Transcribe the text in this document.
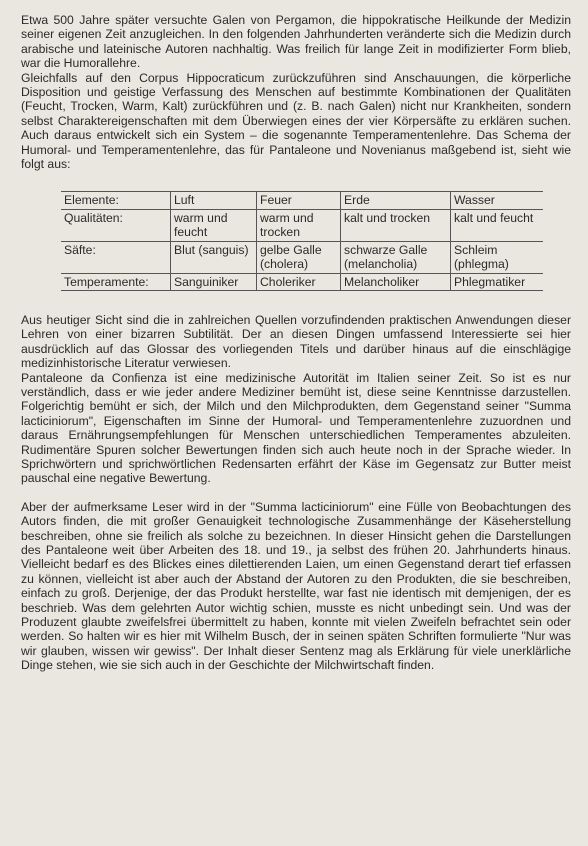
Etwa 500 Jahre später versuchte Galen von Pergamon, die hippokratische Heilkunde der Medizin seiner eigenen Zeit anzugleichen. In den folgenden Jahrhunderten veränderte sich die Medizin durch arabische und lateinische Autoren nachhaltig. Was freilich für lange Zeit in modifizierter Form blieb, war die Humorallehre.

Gleichfalls auf den Corpus Hippocraticum zurückzuführen sind Anschauungen, die körperliche Disposition und geistige Verfassung des Menschen auf bestimmte Kombinationen der Qualitäten (Feucht, Trocken, Warm, Kalt) zurückführen und (z. B. nach Galen) nicht nur Krankheiten, sondern selbst Charaktereigenschaften mit dem Überwiegen eines der vier Körpersäfte zu erklären suchen. Auch daraus entwickelt sich ein System – die sogenannte Temperamentenlehre. Das Schema der Humoral- und Temperamentenlehre, das für Pantaleone und Novenianus maßgebend ist, sieht wie folgt aus:

Elemente:	Luft	Feuer	Erde	Wasser
Qualitäten:	warm und feucht	warm und trocken	kalt und trocken	kalt und feucht
Säfte:	Blut (sanguis)	gelbe Galle (cholera)	schwarze Galle (melancholia)	Schleim (phlegma)
Temperamente:	Sanguiniker	Choleriker	Melancholiker	Phlegmatiker

Aus heutiger Sicht sind die in zahlreichen Quellen vorzufindenden praktischen Anwendungen dieser Lehren von einer bizarren Subtilität. Der an diesen Dingen umfassend Interessierte sei hier ausdrücklich auf das Glossar des vorliegenden Titels und darüber hinaus auf die einschlägige medizinhistorische Literatur verwiesen.

Pantaleone da Confienza ist eine medizinische Autorität im Italien seiner Zeit. So ist es nur verständlich, dass er wie jeder andere Mediziner bemüht ist, diese seine Kenntnisse darzustellen. Folgerichtig bemüht er sich, der Milch und den Milchprodukten, dem Gegenstand seiner "Summa lacticiniorum", Eigenschaften im Sinne der Humoral- und Temperamentenlehre zuzuordnen und daraus Ernährungsempfehlungen für Menschen unterschiedlichen Temperamentes abzuleiten. Rudimentäre Spuren solcher Bewertungen finden sich auch heute noch in der Sprache wieder. In Sprichwörtern und sprichwörtlichen Redensarten erfährt der Käse im Gegensatz zur Butter meist pauschal eine negative Bewertung.

Aber der aufmerksame Leser wird in der "Summa lacticiniorum" eine Fülle von Beobachtungen des Autors finden, die mit großer Genauigkeit technologische Zusammenhänge der Käseherstellung beschreiben, ohne sie freilich als solche zu bezeichnen. In dieser Hinsicht gehen die Darstellungen des Pantaleone weit über Arbeiten des 18. und 19., ja selbst des frühen 20. Jahrhunderts hinaus. Vielleicht bedarf es des Blickes eines dilettierenden Laien, um einen Gegenstand derart tief erfassen zu können, vielleicht ist aber auch der Abstand der Autoren zu den Produkten, die sie beschreiben, einfach zu groß. Derjenige, der das Produkt herstellte, war fast nie identisch mit demjenigen, der es beschrieb. Was dem gelehrten Autor wichtig schien, musste es nicht unbedingt sein. Und was der Produzent glaubte zweifelsfrei übermittelt zu haben, konnte mit vielen Zweifeln befrachtet sein oder werden. So halten wir es hier mit Wilhelm Busch, der in seinen späten Schriften formulierte "Nur was wir glauben, wissen wir gewiss". Der Inhalt dieser Sentenz mag als Erklärung für viele unerklärliche Dinge stehen, wie sie sich auch in der Geschichte der Milchwirtschaft finden.
